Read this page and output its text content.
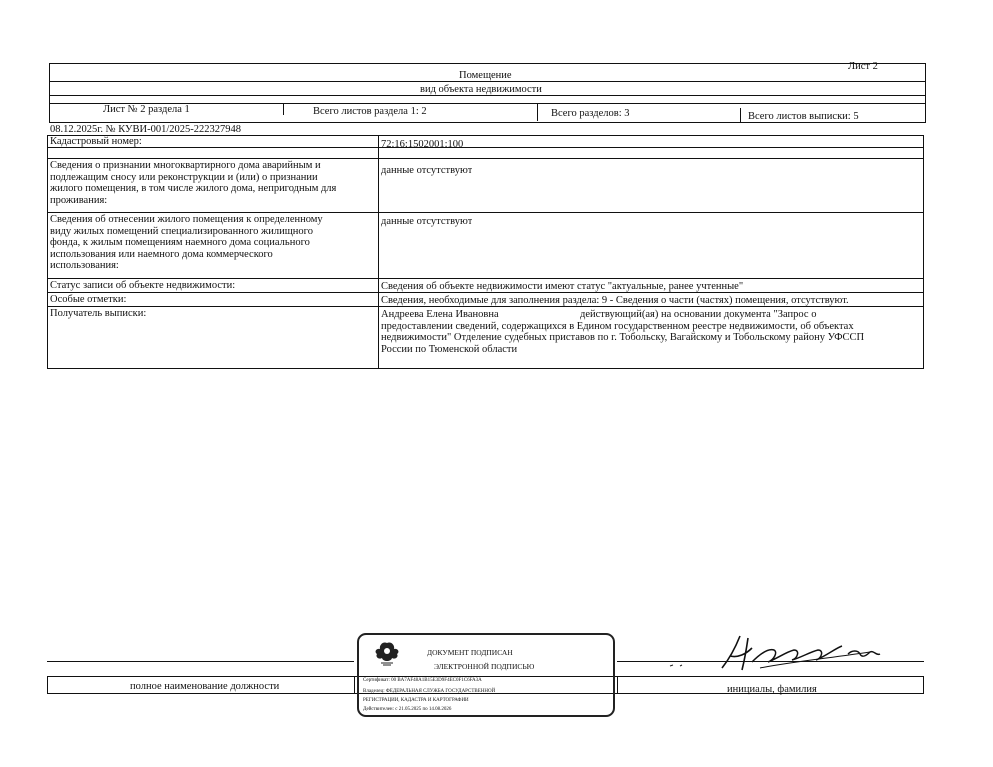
Лист 2
Помещение
вид объекта недвижимости
Лист № 2 раздела 1	Всего листов раздела 1: 2	Всего разделов: 3	Всего листов выписки: 5
08.12.2025г. № КУВИ-001/2025-222327948
Кадастровый номер:	72:16:1502001:100
Сведения о признании многоквартирного дома аварийным и
подлежащим сносу или реконструкции и (или) о признании
жилого помещения, в том числе жилого дома, непригодным для
проживания:
данные отсутствуют
Сведения об отнесении жилого помещения к определенному
виду жилых помещений специализированного жилищного
фонда, к жилым помещениям наемного дома социального
использования или наемного дома коммерческого
использования:
данные отсутствуют
Статус записи об объекте недвижимости:	Сведения об объекте недвижимости имеют статус "актуальные, ранее учтенные"
Особые отметки:	Сведения, необходимые для заполнения раздела: 9 - Сведения о части (частях) помещения, отсутствуют.
Получатель выписки:	Андреева Елена Ивановна                               действующий(ая) на основании документа "Запрос о
предоставлении сведений, содержащихся в Едином государственном реестре недвижимости, об объектах
недвижимости" Отделение судебных приставов по г. Тобольску, Вагайскому и Тобольскому району УФССП
России по Тюменской области
полное наименование должности	инициалы, фамилия
ДОКУМЕНТ ПОДПИСАН
ЭЛЕКТРОННОЙ ПОДПИСЬЮ
Сертификат: 00 BA7AF48A1B15E3D9F4EC0F1C6FA3A
Владелец: ФЕДЕРАЛЬНАЯ СЛУЖБА ГОСУДАРСТВЕННОЙ
РЕГИСТРАЦИИ, КАДАСТРА И КАРТОГРАФИИ
Действителен: с 21.05.2025 по 14.08.2026
